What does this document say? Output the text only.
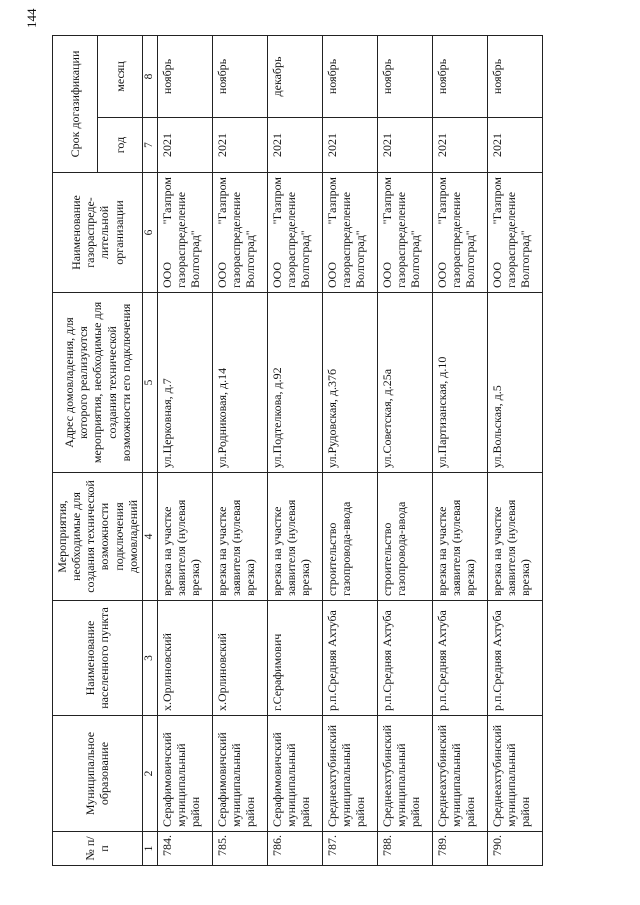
144
№ п/п	Муниципальное образование	Наименование населенного пункта	Мероприятия, необходимые для создания технической возможности подключения домовладений	Адрес домовладения, для которого реализуются мероприятия, необходимые для создания технической возможности его подключения	Наименование газораспреде-лительной организации	Срок догазификации	
						год	месяц
1	2	3	4	5	6	7	8
784.	Серафимовичский муниципальный район	х.Орлиновский	врезка на участке заявителя (нулевая врезка)	ул.Церковная, д.7	ООО "Газпром газораспределение Волгоград"	2021	ноябрь
785.	Серафимовичский муниципальный район	х.Орлиновский	врезка на участке заявителя (нулевая врезка)	ул.Родниковая, д.14	ООО "Газпром газораспределение Волгоград"	2021	ноябрь
786.	Серафимовичский муниципальный район	г.Серафимович	врезка на участке заявителя (нулевая врезка)	ул.Подтелкова, д.92	ООО "Газпром газораспределение Волгоград"	2021	декабрь
787.	Среднеахтубинский муниципальный район	р.п.Средняя Ахтуба	строительство газопровода-ввода	ул.Рудовская, д.37б	ООО "Газпром газораспределение Волгоград"	2021	ноябрь
788.	Среднеахтубинский муниципальный район	р.п.Средняя Ахтуба	строительство газопровода-ввода	ул.Советская, д.25а	ООО "Газпром газораспределение Волгоград"	2021	ноябрь
789.	Среднеахтубинский муниципальный район	р.п.Средняя Ахтуба	врезка на участке заявителя (нулевая врезка)	ул.Партизанская, д.10	ООО "Газпром газораспределение Волгоград"	2021	ноябрь
790.	Среднеахтубинский муниципальный район	р.п.Средняя Ахтуба	врезка на участке заявителя (нулевая врезка)	ул.Вольская, д.5	ООО "Газпром газораспределение Волгоград"	2021	ноябрь
